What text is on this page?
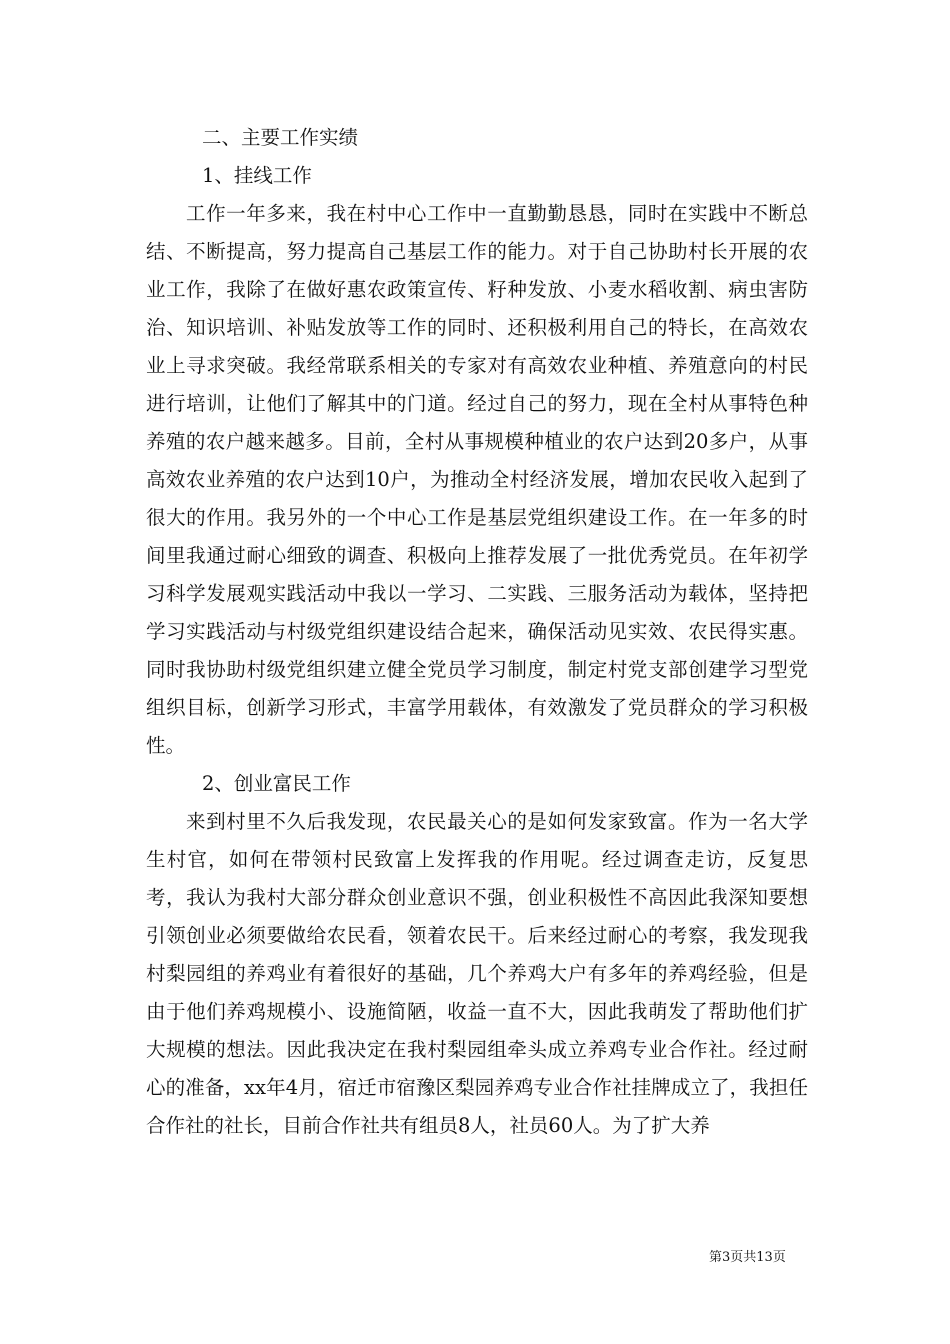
二、主要工作实绩

1、挂线工作

工作一年多来，我在村中心工作中一直勤勤恳恳，同时在实践中不断总结、不断提高，努力提高自己基层工作的能力。对于自己协助村长开展的农业工作，我除了在做好惠农政策宣传、籽种发放、小麦水稻收割、病虫害防治、知识培训、补贴发放等工作的同时、还积极利用自己的特长，在高效农业上寻求突破。我经常联系相关的专家对有高效农业种植、养殖意向的村民进行培训，让他们了解其中的门道。经过自己的努力，现在全村从事特色种养殖的农户越来越多。目前，全村从事规模种植业的农户达到20多户，从事高效农业养殖的农户达到10户，为推动全村经济发展，增加农民收入起到了很大的作用。我另外的一个中心工作是基层党组织建设工作。在一年多的时间里我通过耐心细致的调查、积极向上推荐发展了一批优秀党员。在年初学习科学发展观实践活动中我以一学习、二实践、三服务活动为载体，坚持把学习实践活动与村级党组织建设结合起来，确保活动见实效、农民得实惠。同时我协助村级党组织建立健全党员学习制度，制定村党支部创建学习型党组织目标，创新学习形式，丰富学用载体，有效激发了党员群众的学习积极性。

2、创业富民工作

来到村里不久后我发现，农民最关心的是如何发家致富。作为一名大学生村官，如何在带领村民致富上发挥我的作用呢。经过调查走访，反复思考，我认为我村大部分群众创业意识不强，创业积极性不高因此我深知要想引领创业必须要做给农民看，领着农民干。后来经过耐心的考察，我发现我村梨园组的养鸡业有着很好的基础，几个养鸡大户有多年的养鸡经验，但是由于他们养鸡规模小、设施简陋，收益一直不大，因此我萌发了帮助他们扩大规模的想法。因此我决定在我村梨园组牵头成立养鸡专业合作社。经过耐心的准备，xx年4月，宿迁市宿豫区梨园养鸡专业合作社挂牌成立了，我担任合作社的社长，目前合作社共有组员8人，社员60人。为了扩大养

第3页共13页
